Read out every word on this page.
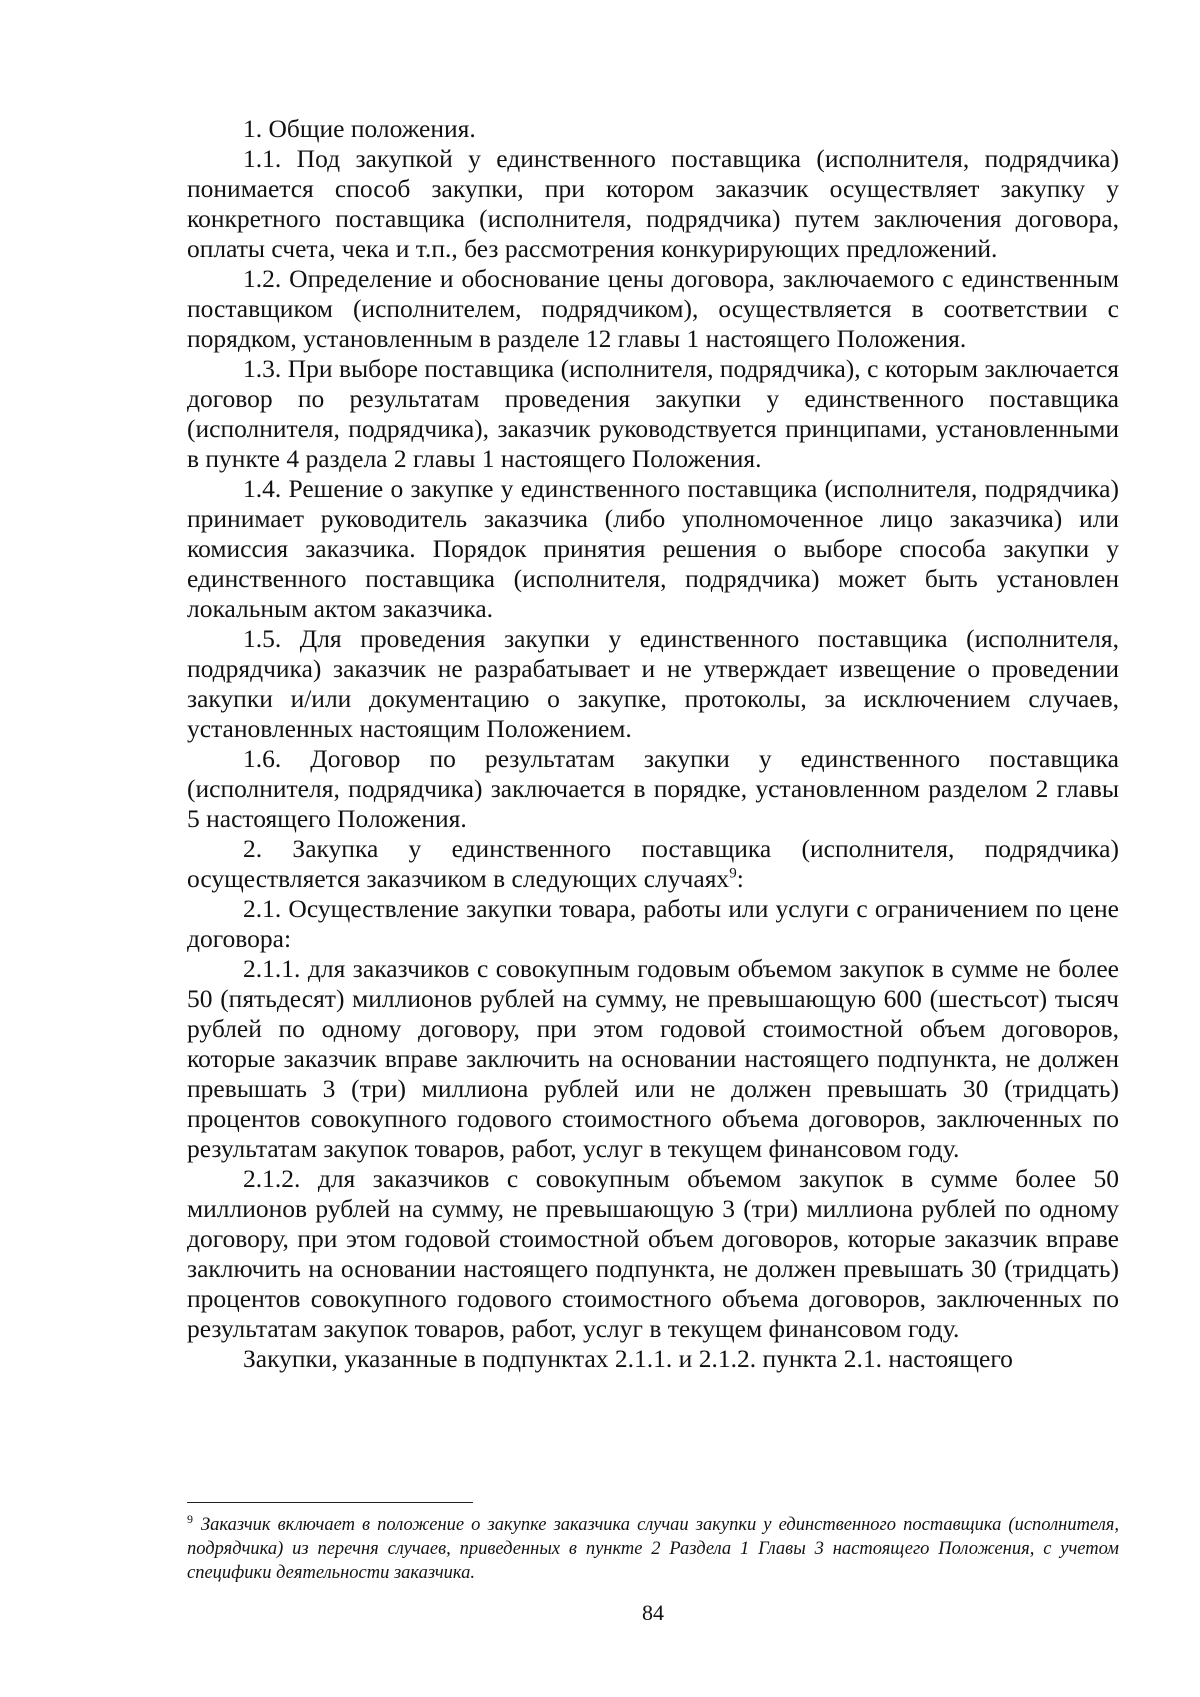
1. Общие положения.

1.1. Под закупкой у единственного поставщика (исполнителя, подрядчика) понимается способ закупки, при котором заказчик осуществляет закупку у конкретного поставщика (исполнителя, подрядчика) путем заключения договора, оплаты счета, чека и т.п., без рассмотрения конкурирующих предложений.

1.2. Определение и обоснование цены договора, заключаемого с единственным поставщиком (исполнителем, подрядчиком), осуществляется в соответствии с порядком, установленным в разделе 12 главы 1 настоящего Положения.

1.3. При выборе поставщика (исполнителя, подрядчика), с которым заключается договор по результатам проведения закупки у единственного поставщика (исполнителя, подрядчика), заказчик руководствуется принципами, установленными в пункте 4 раздела 2 главы 1 настоящего Положения.

1.4. Решение о закупке у единственного поставщика (исполнителя, подрядчика) принимает руководитель заказчика (либо уполномоченное лицо заказчика) или комиссия заказчика. Порядок принятия решения о выборе способа закупки у единственного поставщика (исполнителя, подрядчика) может быть установлен локальным актом заказчика.

1.5. Для проведения закупки у единственного поставщика (исполнителя, подрядчика) заказчик не разрабатывает и не утверждает извещение о проведении закупки и/или документацию о закупке, протоколы, за исключением случаев, установленных настоящим Положением.

1.6. Договор по результатам закупки у единственного поставщика (исполнителя, подрядчика) заключается в порядке, установленном разделом 2 главы 5 настоящего Положения.

2. Закупка у единственного поставщика (исполнителя, подрядчика) осуществляется заказчиком в следующих случаях$^9$:

2.1. Осуществление закупки товара, работы или услуги с ограничением по цене договора:

2.1.1. для заказчиков с совокупным годовым объемом закупок в сумме не более 50 (пятьдесят) миллионов рублей на сумму, не превышающую 600 (шестьсот) тысяч рублей по одному договору, при этом годовой стоимостной объем договоров, которые заказчик вправе заключить на основании настоящего подпункта, не должен превышать 3 (три) миллиона рублей или не должен превышать 30 (тридцать) процентов совокупного годового стоимостного объема договоров, заключенных по результатам закупок товаров, работ, услуг в текущем финансовом году.

2.1.2. для заказчиков с совокупным объемом закупок в сумме более 50 миллионов рублей на сумму, не превышающую 3 (три) миллиона рублей по одному договору, при этом годовой стоимостной объем договоров, которые заказчик вправе заключить на основании настоящего подпункта, не должен превышать 30 (тридцать) процентов совокупного годового стоимостного объема договоров, заключенных по результатам закупок товаров, работ, услуг в текущем финансовом году.

Закупки, указанные в подпунктах 2.1.1. и 2.1.2. пункта 2.1. настоящего

$^9$ Заказчик включает в положение о закупке заказчика случаи закупки у единственного поставщика (исполнителя, подрядчика) из перечня случаев, приведенных в пункте 2 Раздела 1 Главы 3 настоящего Положения, с учетом специфики деятельности заказчика.

84
